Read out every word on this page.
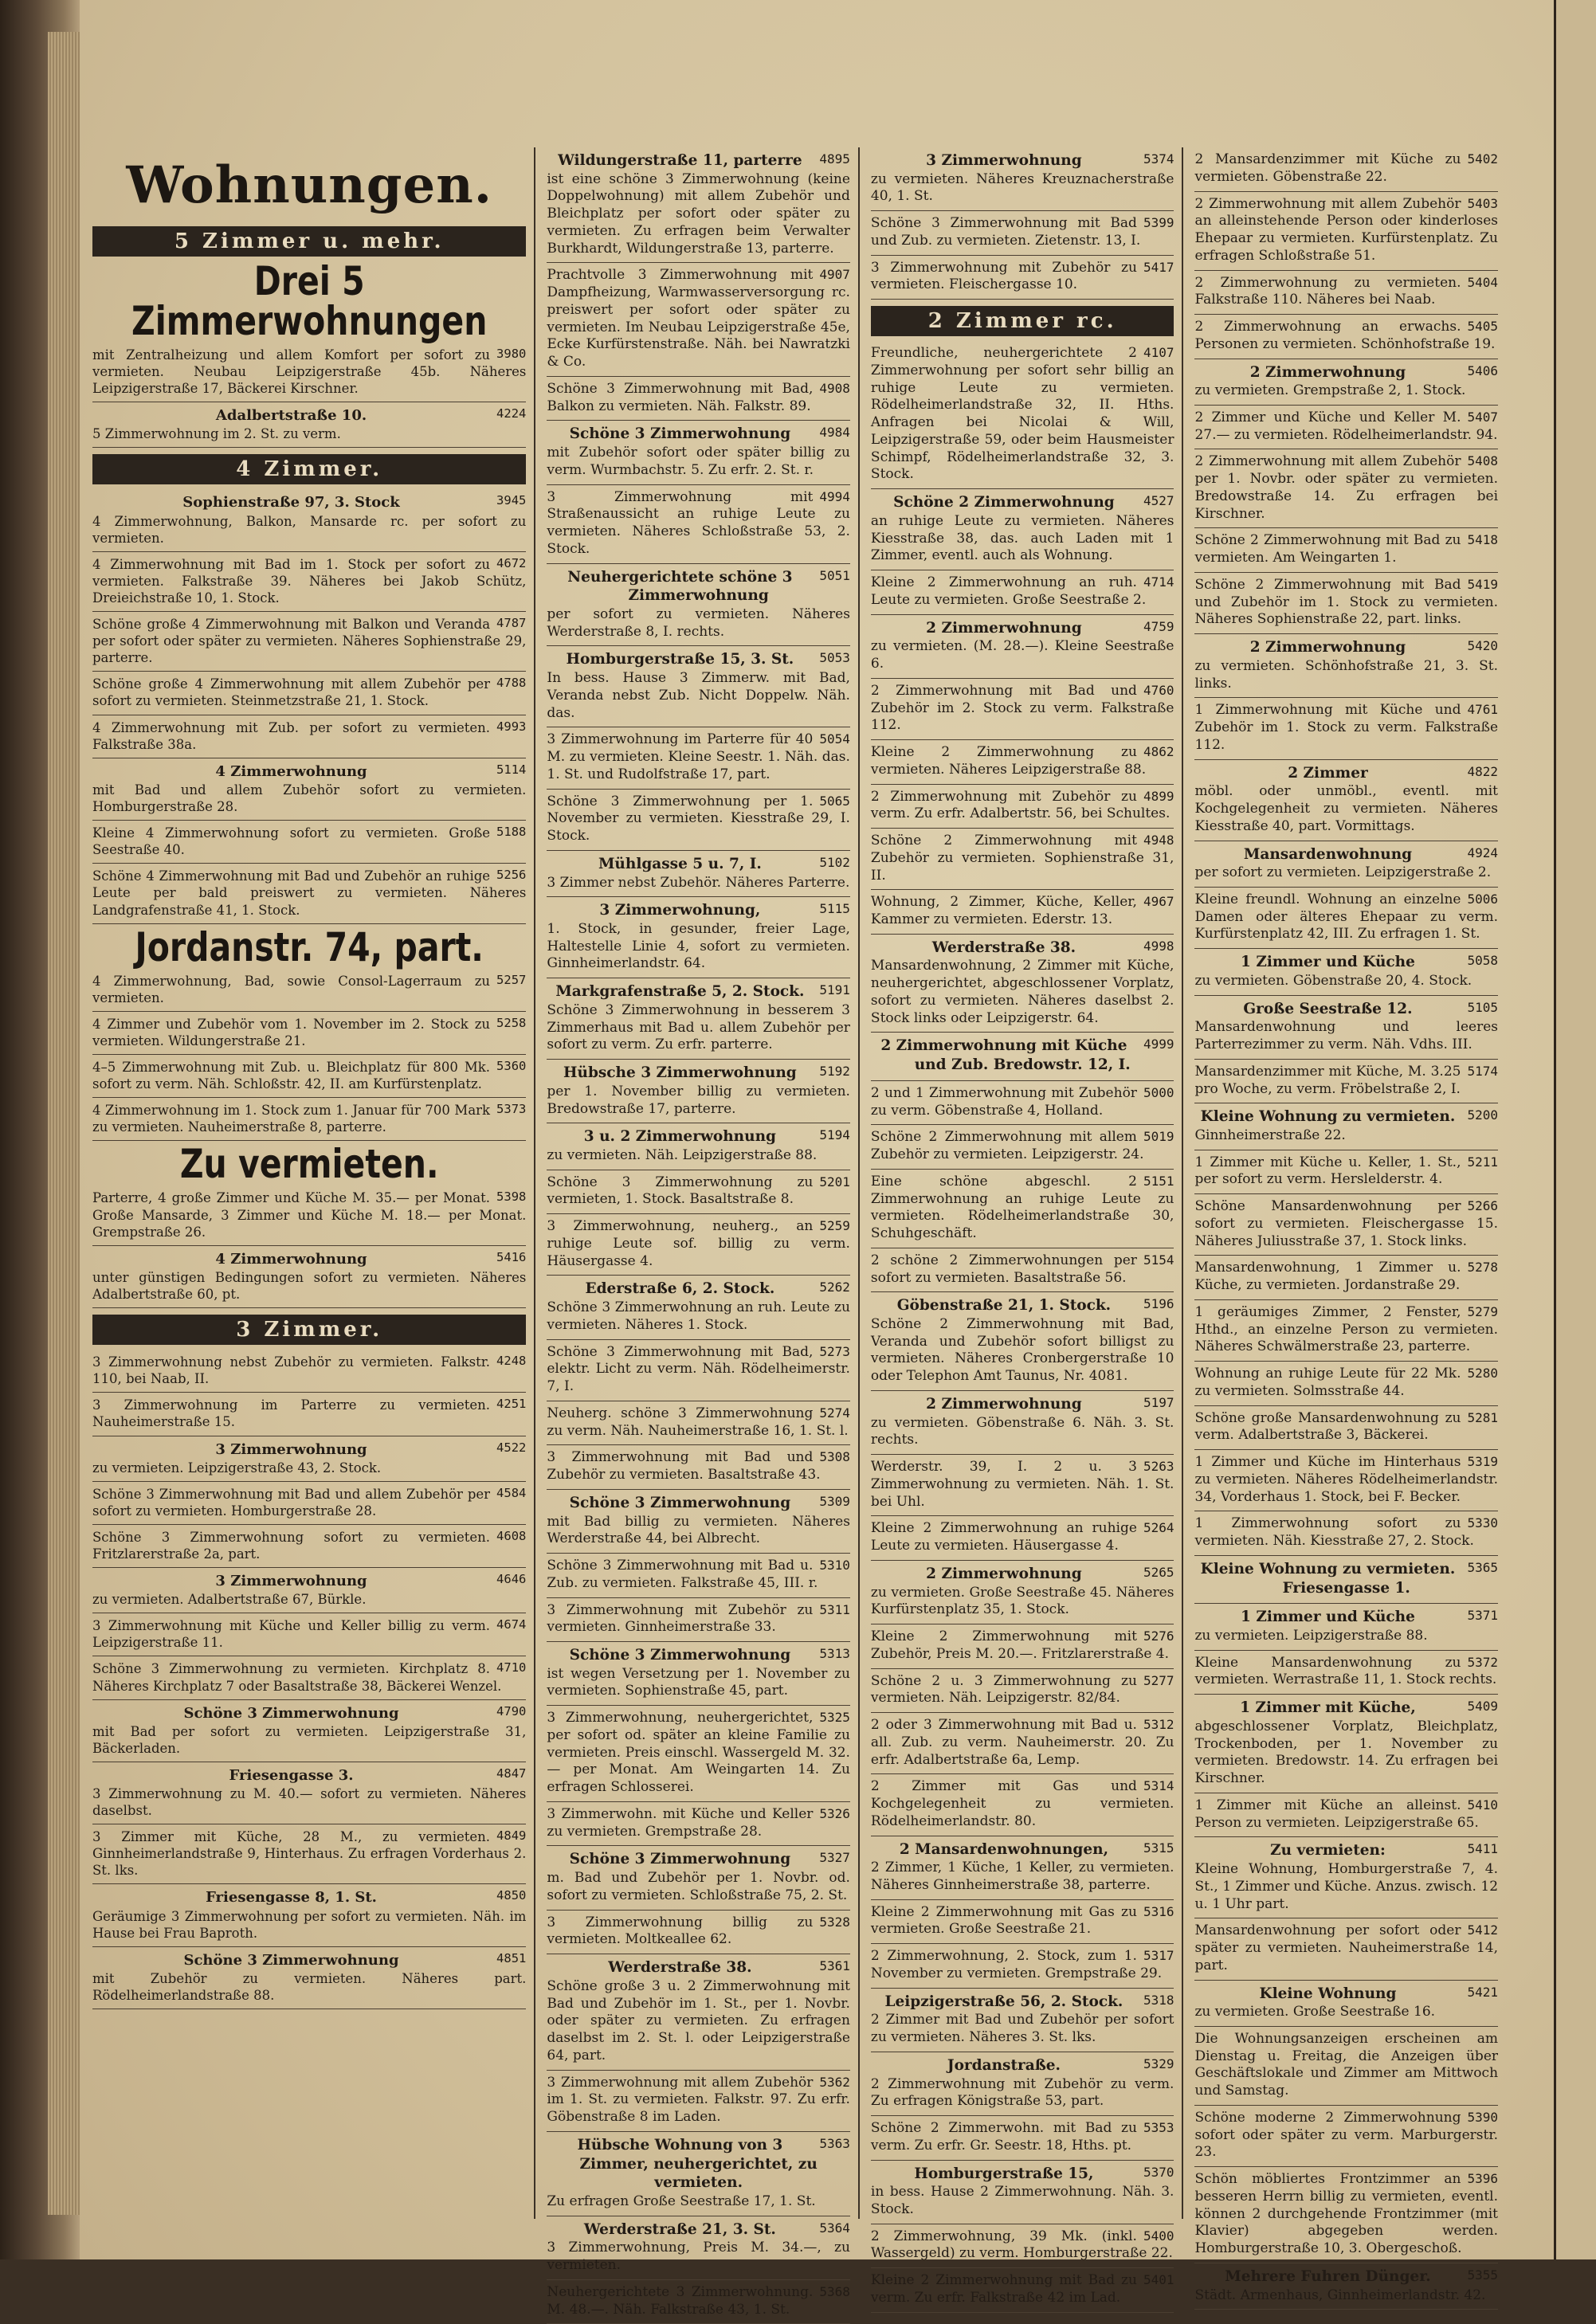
Wohnungen.
5 Zimmer u. mehr.
Drei 5 Zimmerwohnungen
3980
mit Zentralheizung und allem Komfort per sofort zu vermieten. Neubau Leipzigerstraße 45b. Näheres Leipzigerstraße 17, Bäckerei Kirschner.
4224
Adalbertstraße 10.
5 Zimmerwohnung im 2. St. zu verm.
4 Zimmer.
3945
Sophienstraße 97, 3. Stock
4 Zimmerwohnung, Balkon, Mansarde rc. per sofort zu vermieten.
4672
4 Zimmerwohnung mit Bad im 1. Stock per sofort zu vermieten. Falkstraße 39. Näheres bei Jakob Schütz, Dreieichstraße 10, 1. Stock.
4787
Schöne große 4 Zimmerwohnung mit Balkon und Veranda per sofort oder später zu vermieten. Näheres Sophienstraße 29, parterre.
4788
Schöne große 4 Zimmerwohnung mit allem Zubehör per sofort zu vermieten. Steinmetzstraße 21, 1. Stock.
4993
4 Zimmerwohnung mit Zub. per sofort zu vermieten. Falkstraße 38a.
5114
4 Zimmerwohnung
mit Bad und allem Zubehör sofort zu vermieten. Homburgerstraße 28.
5188
Kleine 4 Zimmerwohnung sofort zu vermieten. Große Seestraße 40.
5256
Schöne 4 Zimmerwohnung mit Bad und Zubehör an ruhige Leute per bald preiswert zu vermieten. Näheres Landgrafenstraße 41, 1. Stock.
Jordanstr. 74, part.
5257
4 Zimmerwohnung, Bad, sowie Consol-Lagerraum zu vermieten.
5258
4 Zimmer und Zubehör vom 1. November im 2. Stock zu vermieten. Wildungerstraße 21.
5360
4–5 Zimmerwohnung mit Zub. u. Bleichplatz für 800 Mk. sofort zu verm. Näh. Schloßstr. 42, II. am Kurfürstenplatz.
5373
4 Zimmerwohnung im 1. Stock zum 1. Januar für 700 Mark zu vermieten. Nauheimerstraße 8, parterre.
Zu vermieten.
5398
Parterre, 4 große Zimmer und Küche M. 35.— per Monat. Große Mansarde, 3 Zimmer und Küche M. 18.— per Monat. Grempstraße 26.
5416
4 Zimmerwohnung
unter günstigen Bedingungen sofort zu vermieten. Näheres Adalbertstraße 60, pt.
3 Zimmer.
4248
3 Zimmerwohnung nebst Zubehör zu vermieten. Falkstr. 110, bei Naab, II.
4251
3 Zimmerwohnung im Parterre zu vermieten. Nauheimerstraße 15.
4522
3 Zimmerwohnung
zu vermieten. Leipzigerstraße 43, 2. Stock.
4584
Schöne 3 Zimmerwohnung mit Bad und allem Zubehör per sofort zu vermieten. Homburgerstraße 28.
4608
Schöne 3 Zimmerwohnung sofort zu vermieten. Fritzlarerstraße 2a, part.
4646
3 Zimmerwohnung
zu vermieten. Adalbertstraße 67, Bürkle.
4674
3 Zimmerwohnung mit Küche und Keller billig zu verm. Leipzigerstraße 11.
4710
Schöne 3 Zimmerwohnung zu vermieten. Kirchplatz 8. Näheres Kirchplatz 7 oder Basaltstraße 38, Bäckerei Wenzel.
4790
Schöne 3 Zimmerwohnung
mit Bad per sofort zu vermieten. Leipzigerstraße 31, Bäckerladen.
4847
Friesengasse 3.
3 Zimmerwohnung zu M. 40.— sofort zu vermieten. Näheres daselbst.
4849
3 Zimmer mit Küche, 28 M., zu vermieten. Ginnheimerlandstraße 9, Hinterhaus. Zu erfragen Vorderhaus 2. St. lks.
4850
Friesengasse 8, 1. St.
Geräumige 3 Zimmerwohnung per sofort zu vermieten. Näh. im Hause bei Frau Baproth.
4851
Schöne 3 Zimmerwohnung
mit Zubehör zu vermieten. Näheres part. Rödelheimerlandstraße 88.
4895
Wildungerstraße 11, parterre
ist eine schöne 3 Zimmerwohnung (keine Doppelwohnung) mit allem Zubehör und Bleichplatz per sofort oder später zu vermieten. Zu erfragen beim Verwalter Burkhardt, Wildungerstraße 13, parterre.
4907
Prachtvolle 3 Zimmerwohnung mit Dampfheizung, Warmwasserversorgung rc. preiswert per sofort oder später zu vermieten. Im Neubau Leipzigerstraße 45e, Ecke Kurfürstenstraße. Näh. bei Nawratzki & Co.
4908
Schöne 3 Zimmerwohnung mit Bad, Balkon zu vermieten. Näh. Falkstr. 89.
4984
Schöne 3 Zimmerwohnung
mit Zubehör sofort oder später billig zu verm. Wurmbachstr. 5. Zu erfr. 2. St. r.
4994
3 Zimmerwohnung mit Straßenaussicht an ruhige Leute zu vermieten. Näheres Schloßstraße 53, 2. Stock.
5051
Neuhergerichtete schöne 3 Zimmerwohnung
per sofort zu vermieten. Näheres Werderstraße 8, I. rechts.
5053
Homburgerstraße 15, 3. St.
In bess. Hause 3 Zimmerw. mit Bad, Veranda nebst Zub. Nicht Doppelw. Näh. das.
5054
3 Zimmerwohnung im Parterre für 40 M. zu vermieten. Kleine Seestr. 1. Näh. das. 1. St. und Rudolfstraße 17, part.
5065
Schöne 3 Zimmerwohnung per 1. November zu vermieten. Kiesstraße 29, I. Stock.
5102
Mühlgasse 5 u. 7, I.
3 Zimmer nebst Zubehör. Näheres Parterre.
5115
3 Zimmerwohnung,
1. Stock, in gesunder, freier Lage, Haltestelle Linie 4, sofort zu vermieten. Ginnheimerlandstr. 64.
5191
Markgrafenstraße 5, 2. Stock.
Schöne 3 Zimmerwohnung in besserem 3 Zimmerhaus mit Bad u. allem Zubehör per sofort zu verm. Zu erfr. parterre.
5192
Hübsche 3 Zimmerwohnung
per 1. November billig zu vermieten. Bredowstraße 17, parterre.
5194
3 u. 2 Zimmerwohnung
zu vermieten. Näh. Leipzigerstraße 88.
5201
Schöne 3 Zimmerwohnung zu vermieten, 1. Stock. Basaltstraße 8.
5259
3 Zimmerwohnung, neuherg., an ruhige Leute sof. billig zu verm. Häusergasse 4.
5262
Ederstraße 6, 2. Stock.
Schöne 3 Zimmerwohnung an ruh. Leute zu vermieten. Näheres 1. Stock.
5273
Schöne 3 Zimmerwohnung mit Bad, elektr. Licht zu verm. Näh. Rödelheimerstr. 7, I.
5274
Neuherg. schöne 3 Zimmerwohnung zu verm. Näh. Nauheimerstraße 16, 1. St. l.
5308
3 Zimmerwohnung mit Bad und Zubehör zu vermieten. Basaltstraße 43.
5309
Schöne 3 Zimmerwohnung
mit Bad billig zu vermieten. Näheres Werderstraße 44, bei Albrecht.
5310
Schöne 3 Zimmerwohnung mit Bad u. Zub. zu vermieten. Falkstraße 45, III. r.
5311
3 Zimmerwohnung mit Zubehör zu vermieten. Ginnheimerstraße 33.
5313
Schöne 3 Zimmerwohnung
ist wegen Versetzung per 1. November zu vermieten. Sophienstraße 45, part.
5325
3 Zimmerwohnung, neuhergerichtet, per sofort od. später an kleine Familie zu vermieten. Preis einschl. Wassergeld M. 32.— per Monat. Am Weingarten 14. Zu erfragen Schlosserei.
5326
3 Zimmerwohn. mit Küche und Keller zu vermieten. Grempstraße 28.
5327
Schöne 3 Zimmerwohnung
m. Bad und Zubehör per 1. Novbr. od. sofort zu vermieten. Schloßstraße 75, 2. St.
5328
3 Zimmerwohnung billig zu vermieten. Moltkeallee 62.
5361
Werderstraße 38.
Schöne große 3 u. 2 Zimmerwohnung mit Bad und Zubehör im 1. St., per 1. Novbr. oder später zu vermieten. Zu erfragen daselbst im 2. St. l. oder Leipzigerstraße 64, part.
5362
3 Zimmerwohnung mit allem Zubehör im 1. St. zu vermieten. Falkstr. 97. Zu erfr. Göbenstraße 8 im Laden.
5363
Hübsche Wohnung von 3 Zimmer, neuhergerichtet, zu vermieten.
Zu erfragen Große Seestraße 17, 1. St.
5364
Werderstraße 21, 3. St.
3 Zimmerwohnung, Preis M. 34.—, zu vermieten.
5368
Neuhergerichtete 3 Zimmerwohnung. M. 48.—. Näh. Falkstraße 43, 1. St.
5374
3 Zimmerwohnung
zu vermieten. Näheres Kreuznacherstraße 40, 1. St.
5399
Schöne 3 Zimmerwohnung mit Bad und Zub. zu vermieten. Zietenstr. 13, I.
5417
3 Zimmerwohnung mit Zubehör zu vermieten. Fleischergasse 10.
2 Zimmer rc.
4107
Freundliche, neuhergerichtete 2 Zimmerwohnung per sofort sehr billig an ruhige Leute zu vermieten. Rödelheimerlandstraße 32, II. Hths. Anfragen bei Nicolai & Will, Leipzigerstraße 59, oder beim Hausmeister Schimpf, Rödelheimerlandstraße 32, 3. Stock.
4527
Schöne 2 Zimmerwohnung
an ruhige Leute zu vermieten. Näheres Kiesstraße 38, das. auch Laden mit 1 Zimmer, eventl. auch als Wohnung.
4714
Kleine 2 Zimmerwohnung an ruh. Leute zu vermieten. Große Seestraße 2.
4759
2 Zimmerwohnung
zu vermieten. (M. 28.—). Kleine Seestraße 6.
4760
2 Zimmerwohnung mit Bad und Zubehör im 2. Stock zu verm. Falkstraße 112.
4862
Kleine 2 Zimmerwohnung zu vermieten. Näheres Leipzigerstraße 88.
4899
2 Zimmerwohnung mit Zubehör zu verm. Zu erfr. Adalbertstr. 56, bei Schultes.
4948
Schöne 2 Zimmerwohnung mit Zubehör zu vermieten. Sophienstraße 31, II.
4967
Wohnung, 2 Zimmer, Küche, Keller, Kammer zu vermieten. Ederstr. 13.
4998
Werderstraße 38.
Mansardenwohnung, 2 Zimmer mit Küche, neuhergerichtet, abgeschlossener Vorplatz, sofort zu vermieten. Näheres daselbst 2. Stock links oder Leipzigerstr. 64.
4999
2 Zimmerwohnung mit Küche und Zub. Bredowstr. 12, I.
5000
2 und 1 Zimmerwohnung mit Zubehör zu verm. Göbenstraße 4, Holland.
5019
Schöne 2 Zimmerwohnung mit allem Zubehör zu vermieten. Leipzigerstr. 24.
5151
Eine schöne abgeschl. 2 Zimmerwohnung an ruhige Leute zu vermieten. Rödelheimerlandstraße 30, Schuhgeschäft.
5154
2 schöne 2 Zimmerwohnungen per sofort zu vermieten. Basaltstraße 56.
5196
Göbenstraße 21, 1. Stock.
Schöne 2 Zimmerwohnung mit Bad, Veranda und Zubehör sofort billigst zu vermieten. Näheres Cronbergerstraße 10 oder Telephon Amt Taunus, Nr. 4081.
5197
2 Zimmerwohnung
zu vermieten. Göbenstraße 6. Näh. 3. St. rechts.
5263
Werderstr. 39, I. 2 u. 3 Zimmerwohnung zu vermieten. Näh. 1. St. bei Uhl.
5264
Kleine 2 Zimmerwohnung an ruhige Leute zu vermieten. Häusergasse 4.
5265
2 Zimmerwohnung
zu vermieten. Große Seestraße 45. Näheres Kurfürstenplatz 35, 1. Stock.
5276
Kleine 2 Zimmerwohnung mit Zubehör, Preis M. 20.—. Fritzlarerstraße 4.
5277
Schöne 2 u. 3 Zimmerwohnung zu vermieten. Näh. Leipzigerstr. 82/84.
5312
2 oder 3 Zimmerwohnung mit Bad u. all. Zub. zu verm. Nauheimerstr. 20. Zu erfr. Adalbertstraße 6a, Lemp.
5314
2 Zimmer mit Gas und Kochgelegenheit zu vermieten. Rödelheimerlandstr. 80.
5315
2 Mansardenwohnungen,
2 Zimmer, 1 Küche, 1 Keller, zu vermieten. Näheres Ginnheimerstraße 38, parterre.
5316
Kleine 2 Zimmerwohnung mit Gas zu vermieten. Große Seestraße 21.
5317
2 Zimmerwohnung, 2. Stock, zum 1. November zu vermieten. Grempstraße 29.
5318
Leipzigerstraße 56, 2. Stock.
2 Zimmer mit Bad und Zubehör per sofort zu vermieten. Näheres 3. St. lks.
5329
Jordanstraße.
2 Zimmerwohnung mit Zubehör zu verm. Zu erfragen Königstraße 53, part.
5353
Schöne 2 Zimmerwohn. mit Bad zu verm. Zu erfr. Gr. Seestr. 18, Hths. pt.
5370
Homburgerstraße 15,
in bess. Hause 2 Zimmerwohnung. Näh. 3. Stock.
5400
2 Zimmerwohnung, 39 Mk. (inkl. Wassergeld) zu verm. Homburgerstraße 22.
5401
Kleine 2 Zimmerwohnung mit Bad zu verm. Zu erfr. Falkstraße 42 im Lad.
5402
2 Mansardenzimmer mit Küche zu vermieten. Göbenstraße 22.
5403
2 Zimmerwohnung mit allem Zubehör an alleinstehende Person oder kinderloses Ehepaar zu vermieten. Kurfürstenplatz. Zu erfragen Schloßstraße 51.
5404
2 Zimmerwohnung zu vermieten. Falkstraße 110. Näheres bei Naab.
5405
2 Zimmerwohnung an erwachs. Personen zu vermieten. Schönhofstraße 19.
5406
2 Zimmerwohnung
zu vermieten. Grempstraße 2, 1. Stock.
5407
2 Zimmer und Küche und Keller M. 27.— zu vermieten. Rödelheimerlandstr. 94.
5408
2 Zimmerwohnung mit allem Zubehör per 1. Novbr. oder später zu vermieten. Bredowstraße 14. Zu erfragen bei Kirschner.
5418
Schöne 2 Zimmerwohnung mit Bad zu vermieten. Am Weingarten 1.
5419
Schöne 2 Zimmerwohnung mit Bad und Zubehör im 1. Stock zu vermieten. Näheres Sophienstraße 22, part. links.
5420
2 Zimmerwohnung
zu vermieten. Schönhofstraße 21, 3. St. links.
4761
1 Zimmerwohnung mit Küche und Zubehör im 1. Stock zu verm. Falkstraße 112.
4822
2 Zimmer
möbl. oder unmöbl., eventl. mit Kochgelegenheit zu vermieten. Näheres Kiesstraße 40, part. Vormittags.
4924
Mansardenwohnung
per sofort zu vermieten. Leipzigerstraße 2.
5006
Kleine freundl. Wohnung an einzelne Damen oder älteres Ehepaar zu verm. Kurfürstenplatz 42, III. Zu erfragen 1. St.
5058
1 Zimmer und Küche
zu vermieten. Göbenstraße 20, 4. Stock.
5105
Große Seestraße 12.
Mansardenwohnung und leeres Parterrezimmer zu verm. Näh. Vdhs. III.
5174
Mansardenzimmer mit Küche, M. 3.25 pro Woche, zu verm. Fröbelstraße 2, I.
5200
Kleine Wohnung zu vermieten.
Ginnheimerstraße 22.
5211
1 Zimmer mit Küche u. Keller, 1. St., per sofort zu verm. Herslelderstr. 4.
5266
Schöne Mansardenwohnung per sofort zu vermieten. Fleischergasse 15. Näheres Juliusstraße 37, 1. Stock links.
5278
Mansardenwohnung, 1 Zimmer u. Küche, zu vermieten. Jordanstraße 29.
5279
1 geräumiges Zimmer, 2 Fenster, Hthd., an einzelne Person zu vermieten. Näheres Schwälmerstraße 23, parterre.
5280
Wohnung an ruhige Leute für 22 Mk. zu vermieten. Solmsstraße 44.
5281
Schöne große Mansardenwohnung zu verm. Adalbertstraße 3, Bäckerei.
5319
1 Zimmer und Küche im Hinterhaus zu vermieten. Näheres Rödelheimerlandstr. 34, Vorderhaus 1. Stock, bei F. Becker.
5330
1 Zimmerwohnung sofort zu vermieten. Näh. Kiesstraße 27, 2. Stock.
5365
Kleine Wohnung zu vermieten. Friesengasse 1.
5371
1 Zimmer und Küche
zu vermieten. Leipzigerstraße 88.
5372
Kleine Mansardenwohnung zu vermieten. Werrastraße 11, 1. Stock rechts.
5409
1 Zimmer mit Küche,
abgeschlossener Vorplatz, Bleichplatz, Trockenboden, per 1. November zu vermieten. Bredowstr. 14. Zu erfragen bei Kirschner.
5410
1 Zimmer mit Küche an alleinst. Person zu vermieten. Leipzigerstraße 65.
5411
Zu vermieten:
Kleine Wohnung, Homburgerstraße 7, 4. St., 1 Zimmer und Küche. Anzus. zwisch. 12 u. 1 Uhr part.
5412
Mansardenwohnung per sofort oder später zu vermieten. Nauheimerstraße 14, part.
5421
Kleine Wohnung
zu vermieten. Große Seestraße 16.
Die Wohnungsanzeigen erscheinen am Dienstag u. Freitag, die Anzeigen über Geschäftslokale und Zimmer am Mittwoch und Samstag.
5390
Schöne moderne 2 Zimmerwohnung sofort oder später zu verm. Marburgerstr. 23.
5396
Schön möbliertes Frontzimmer an besseren Herrn billig zu vermieten, eventl. können 2 durchgehende Frontzimmer (mit Klavier) abgegeben werden. Homburgerstraße 10, 3. Obergeschoß.
5355
Mehrere Fuhren Dünger.
Städt. Armenhaus, Ginnheimerlandstr. 42.
